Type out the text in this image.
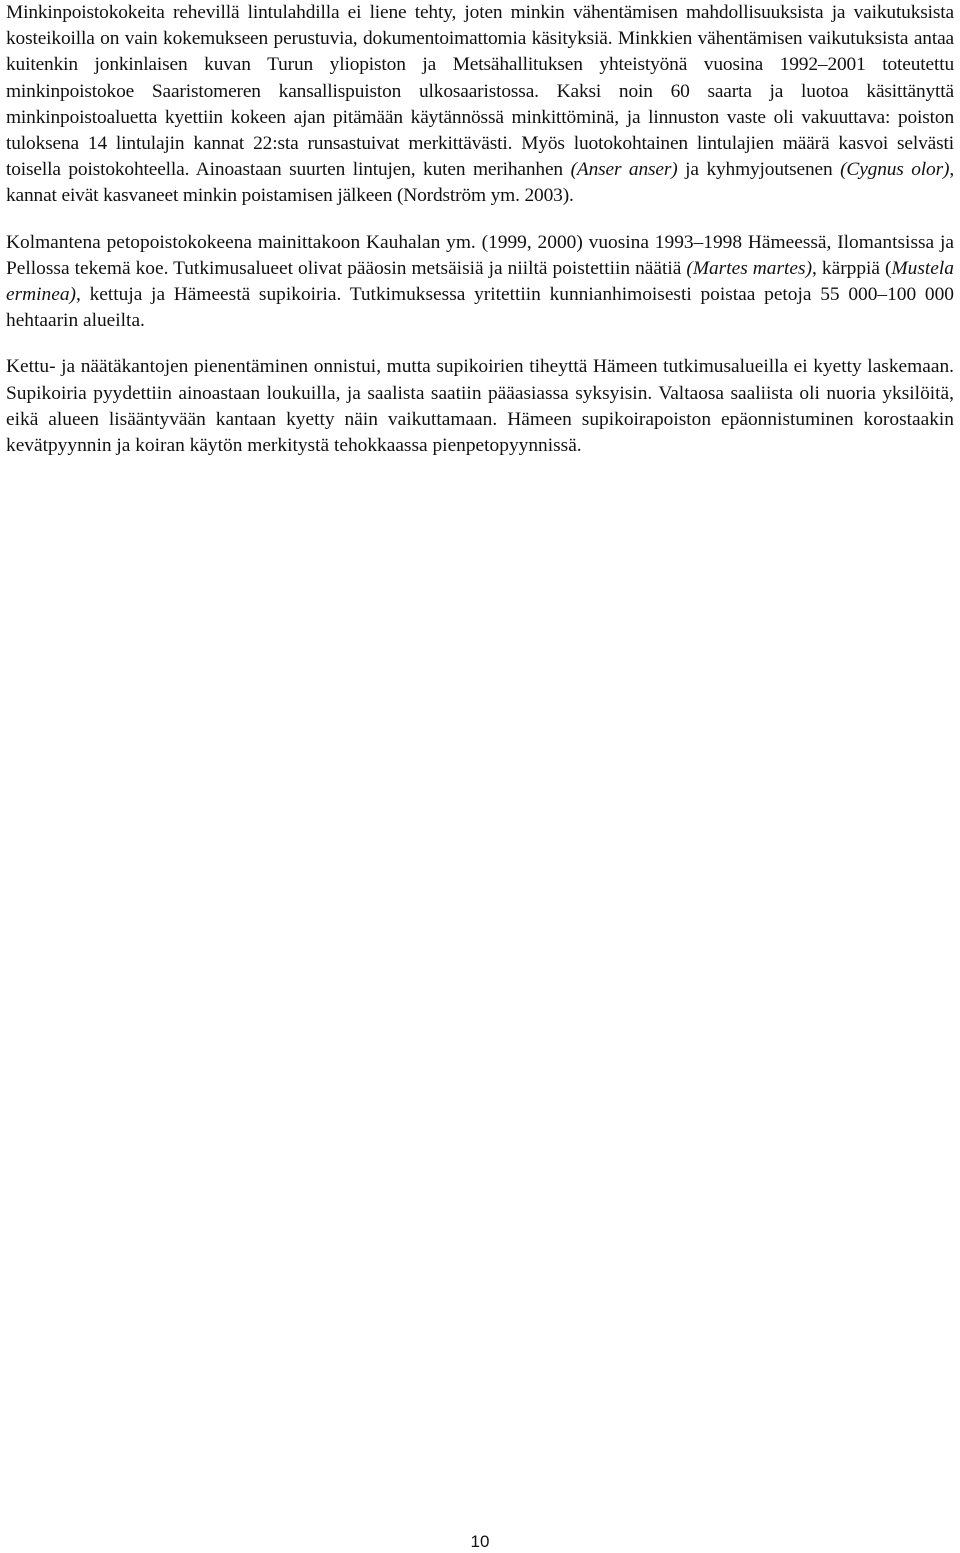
Minkinpoistokokeita rehevillä lintulahdilla ei liene tehty, joten minkin vähentämisen mahdollisuuksista ja vaikutuksista kosteikoilla on vain kokemukseen perustuvia, dokumentoimattomia käsityksiä. Minkkien vähentämisen vaikutuksista antaa kuitenkin jonkinlaisen kuvan Turun yliopiston ja Metsähallituksen yhteistyönä vuosina 1992–2001 toteutettu minkinpoistokoe Saaristomeren kansallispuiston ulkosaaristossa. Kaksi noin 60 saarta ja luotoa käsittänyttä minkinpoistoaluetta kyettiin kokeen ajan pitämään käytännössä minkittöminä, ja linnuston vaste oli vakuuttava: poiston tuloksena 14 lintulajin kannat 22:sta runsastuivat merkittävästi. Myös luotokohtainen lintulajien määrä kasvoi selvästi toisella poistokohteella. Ainoastaan suurten lintujen, kuten merihanhen (Anser anser) ja kyhmyjoutsenen (Cygnus olor), kannat eivät kasvaneet minkin poistamisen jälkeen (Nordström ym. 2003).

Kolmantena petopoistokokeena mainittakoon Kauhalan ym. (1999, 2000) vuosina 1993–1998 Hämeessä, Ilomantsissa ja Pellossa tekemä koe. Tutkimusalueet olivat pääosin metsäisiä ja niiltä poistettiin näätiä (Martes martes), kärppiä (Mustela erminea), kettuja ja Hämeestä supikoiria. Tutkimuksessa yritettiin kunnianhimoisesti poistaa petoja 55 000–100 000 hehtaarin alueilta.

Kettu- ja näätäkantojen pienentäminen onnistui, mutta supikoirien tiheyttä Hämeen tutkimusalueilla ei kyetty laskemaan. Supikoiria pyydettiin ainoastaan loukuilla, ja saalista saatiin pääasiassa syksyisin. Valtaosa saaliista oli nuoria yksilöitä, eikä alueen lisääntyvään kantaan kyetty näin vaikuttamaan. Hämeen supikoirapoiston epäonnistuminen korostaakin kevätpyynnin ja koiran käytön merkitystä tehokkaassa pienpetopyynnissä.

10
